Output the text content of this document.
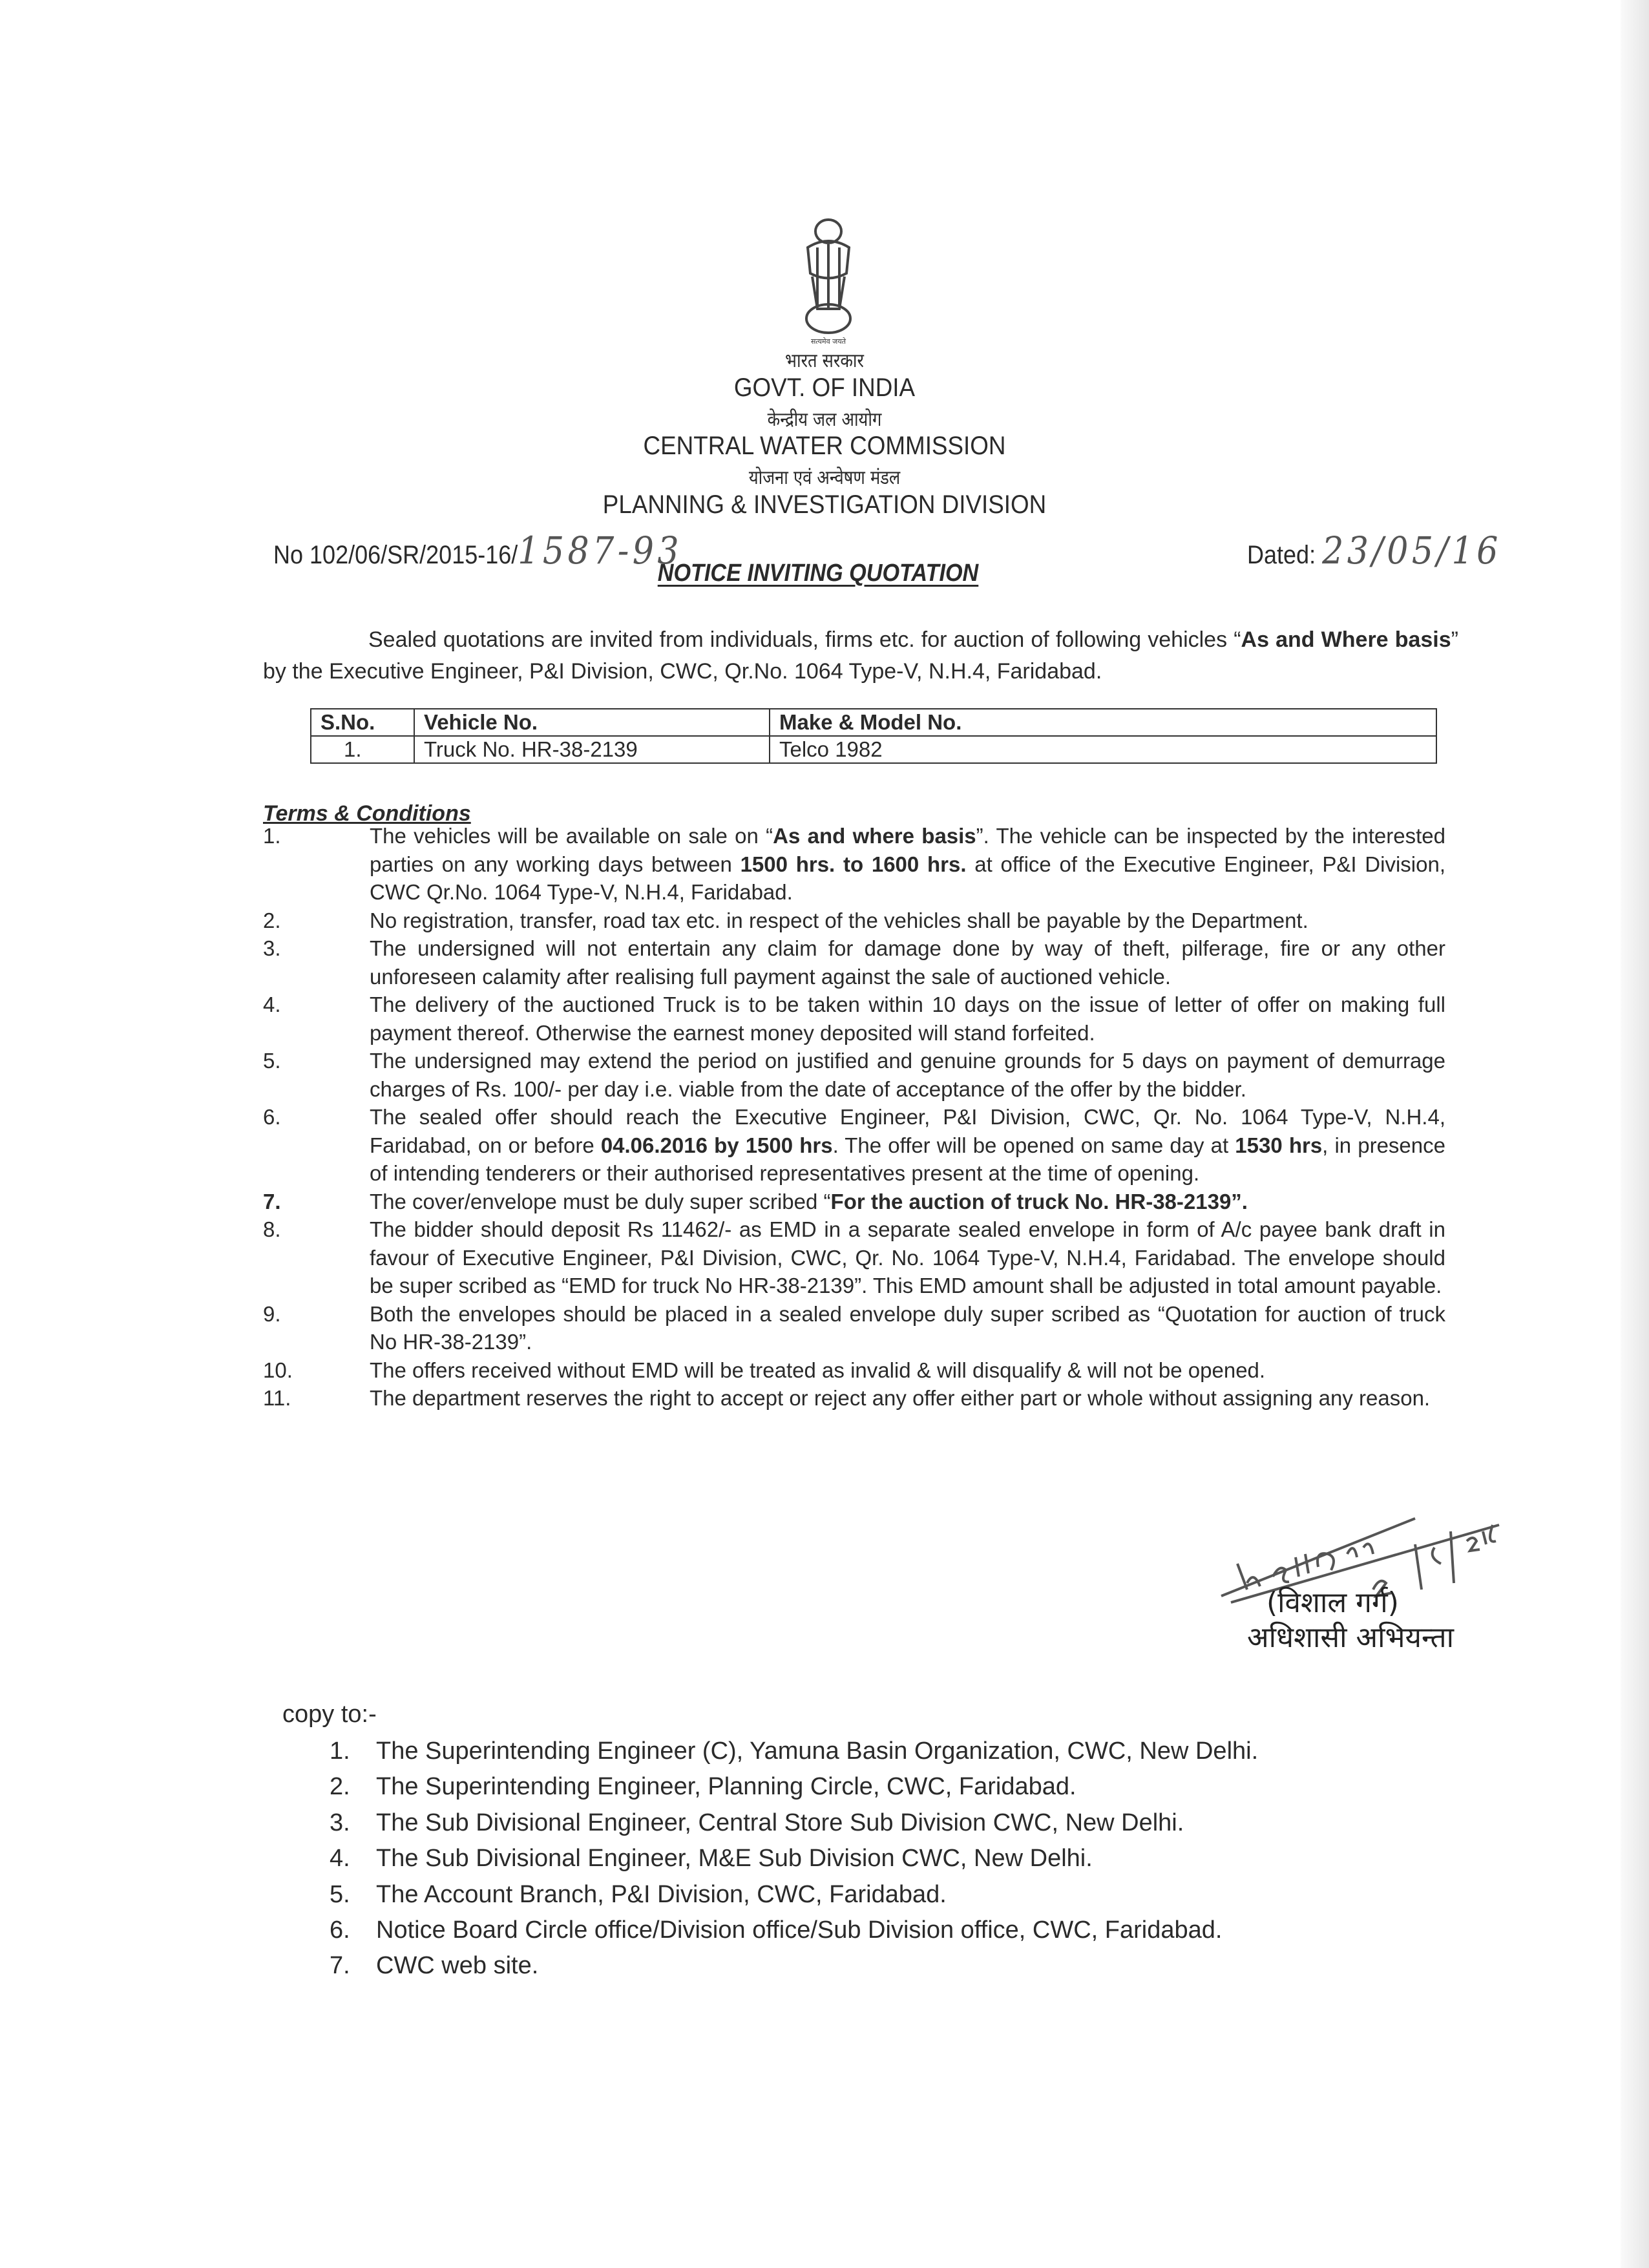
सत्यमेव जयते
भारत सरकार
GOVT. OF INDIA
केन्द्रीय जल आयोग
CENTRAL WATER COMMISSION
योजना एवं अन्वेषण मंडल
PLANNING & INVESTIGATION DIVISION
No 102/06/SR/2015-16/1587-93	Dated: 23/05/16
NOTICE INVITING QUOTATION
Sealed quotations are invited from individuals, firms etc. for auction of following vehicles “As and Where basis” by the Executive Engineer, P&I Division, CWC, Qr.No. 1064 Type-V, N.H.4, Faridabad.
S.No.	Vehicle No.	Make & Model No.
1.	Truck No. HR-38-2139	Telco 1982
Terms & Conditions
1.	The vehicles will be available on sale on “As and where basis”. The vehicle can be inspected by the interested parties on any working days between 1500 hrs. to 1600 hrs. at office of the Executive Engineer, P&I Division, CWC Qr.No. 1064 Type-V, N.H.4, Faridabad.
2.	No registration, transfer, road tax etc. in respect of the vehicles shall be payable by the Department.
3.	The undersigned will not entertain any claim for damage done by way of theft, pilferage, fire or any other unforeseen calamity after realising full payment against the sale of auctioned vehicle.
4.	The delivery of the auctioned Truck is to be taken within 10 days on the issue of letter of offer on making full payment thereof. Otherwise the earnest money deposited will stand forfeited.
5.	The undersigned may extend the period on justified and genuine grounds for 5 days on payment of demurrage charges of Rs. 100/- per day i.e. viable from the date of acceptance of the offer by the bidder.
6.	The sealed offer should reach the Executive Engineer, P&I Division, CWC, Qr. No. 1064 Type-V, N.H.4, Faridabad, on or before 04.06.2016 by 1500 hrs. The offer will be opened on same day at 1530 hrs, in presence of intending tenderers or their authorised representatives present at the time of opening.
7.	The cover/envelope must be duly super scribed “For the auction of truck No. HR-38-2139”.
8.	The bidder should deposit Rs 11462/- as EMD in a separate sealed envelope in form of A/c payee bank draft in favour of Executive Engineer, P&I Division, CWC, Qr. No. 1064 Type-V, N.H.4, Faridabad. The envelope should be super scribed as “EMD for truck No HR-38-2139”. This EMD amount shall be adjusted in total amount payable.
9.	Both the envelopes should be placed in a sealed envelope duly super scribed as “Quotation for auction of truck No HR-38-2139”.
10.	The offers received without EMD will be treated as invalid & will disqualify & will not be opened.
11.	The department reserves the right to accept or reject any offer either part or whole without assigning any reason.
(विशाल गर्ग)
अधिशासी अभियन्ता
copy to:-
1.	The Superintending Engineer (C), Yamuna Basin Organization, CWC, New Delhi.
2.	The Superintending Engineer, Planning Circle, CWC, Faridabad.
3.	The Sub Divisional Engineer, Central Store Sub Division CWC, New Delhi.
4.	The Sub Divisional Engineer, M&E Sub Division CWC, New Delhi.
5.	The Account Branch, P&I Division, CWC, Faridabad.
6.	Notice Board Circle office/Division office/Sub Division office, CWC, Faridabad.
7.	CWC web site.
